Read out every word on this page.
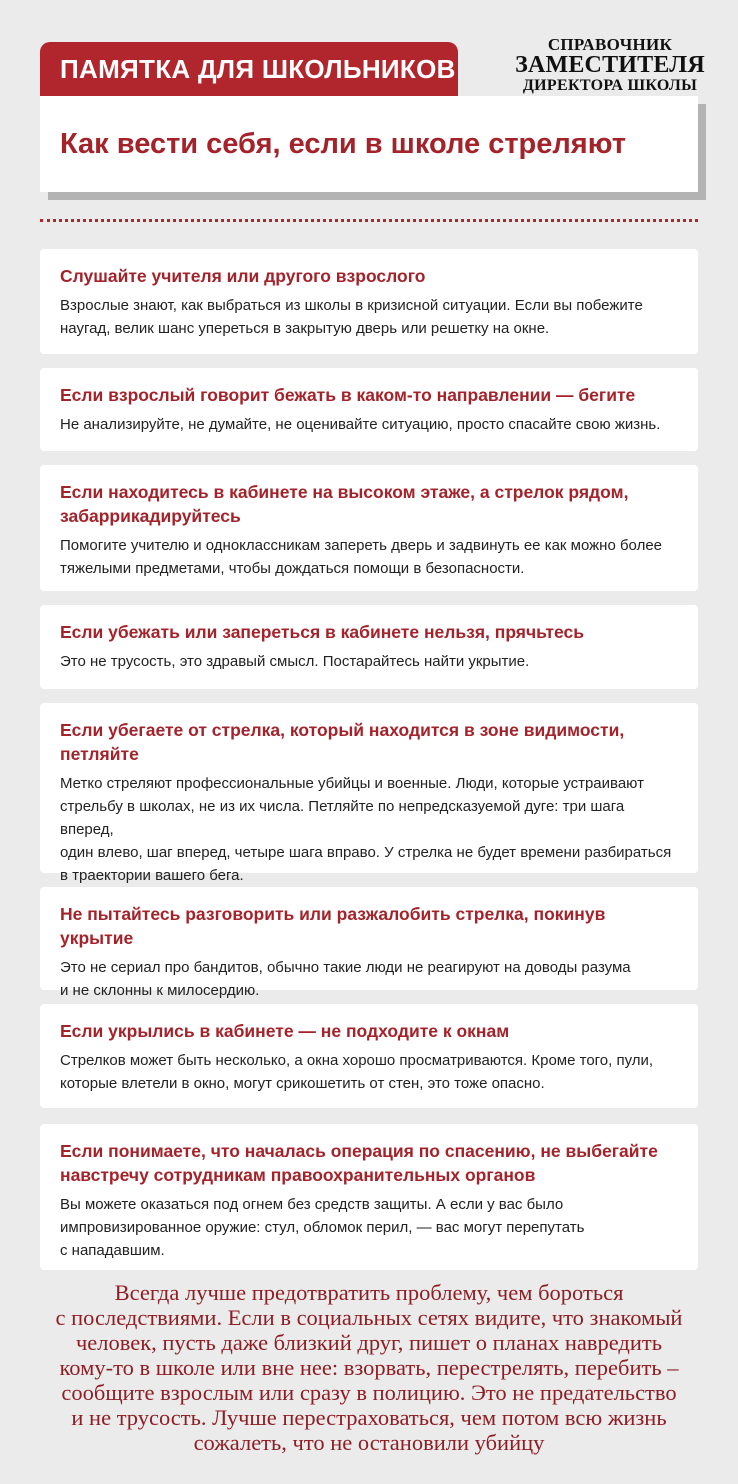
ПАМЯТКА ДЛЯ ШКОЛЬНИКОВ
СПРАВОЧНИК
ЗАМЕСТИТЕЛЯ
ДИРЕКТОРА ШКОЛЫ
Как вести себя, если в школе стреляют

Слушайте учителя или другого взрослого

Взрослые знают, как выбраться из школы в кризисной ситуации. Если вы побежите
наугад, велик шанс упереться в закрытую дверь или решетку на окне.

Если взрослый говорит бежать в каком-то направлении — бегите

Не анализируйте, не думайте, не оценивайте ситуацию, просто спасайте свою жизнь.

Если находитесь в кабинете на высоком этаже, а стрелок рядом,
забаррикадируйтесь

Помогите учителю и одноклассникам запереть дверь и задвинуть ее как можно более
тяжелыми предметами, чтобы дождаться помощи в безопасности.

Если убежать или запереться в кабинете нельзя, прячьтесь

Это не трусость, это здравый смысл. Постарайтесь найти укрытие.

Если убегаете от стрелка, который находится в зоне видимости,
петляйте

Метко стреляют профессиональные убийцы и военные. Люди, которые устраивают
стрельбу в школах, не из их числа. Петляйте по непредсказуемой дуге: три шага вперед,
один влево, шаг вперед, четыре шага вправо. У стрелка не будет времени разбираться
в траектории вашего бега.

Не пытайтесь разговорить или разжалобить стрелка, покинув укрытие

Это не сериал про бандитов, обычно такие люди не реагируют на доводы разума
и не склонны к милосердию.

Если укрылись в кабинете — не подходите к окнам

Стрелков может быть несколько, а окна хорошо просматриваются. Кроме того, пули,
которые влетели в окно, могут срикошетить от стен, это тоже опасно.

Если понимаете, что началась операция по спасению, не выбегайте
навстречу сотрудникам правоохранительных органов

Вы можете оказаться под огнем без средств защиты. А если у вас было
импровизированное оружие: стул, обломок перил, — вас могут перепутать
с нападавшим.

Всегда лучше предотвратить проблему, чем бороться
с последствиями. Если в социальных сетях видите, что знакомый
человек, пусть даже близкий друг, пишет о планах навредить
кому-то в школе или вне нее: взорвать, перестрелять, перебить –
сообщите взрослым или сразу в полицию. Это не предательство
и не трусость. Лучше перестраховаться, чем потом всю жизнь
сожалеть, что не остановили убийцу
